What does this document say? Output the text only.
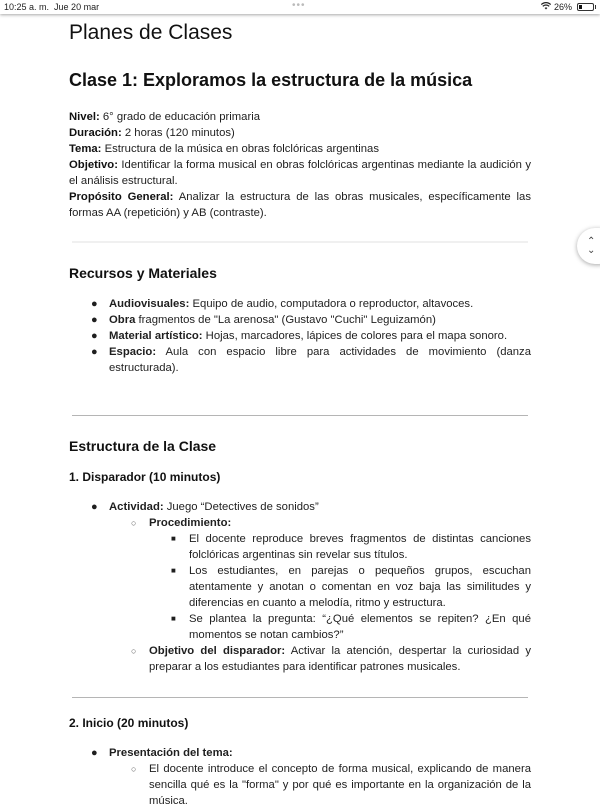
10:25 a. m. Jue 20 mar	•••	26%
Planes de Clases
Clase 1: Exploramos la estructura de la música

Nivel: 6° grado de educación primaria

Duración: 2 horas (120 minutos)

Tema: Estructura de la música en obras folclóricas argentinas

Objetivo: Identificar la forma musical en obras folclóricas argentinas mediante la audición y el análisis estructural.

Propósito General: Analizar la estructura de las obras musicales, específicamente las formas AA (repetición) y AB (contraste).

⌃
⌄
Recursos y Materiales
● Audiovisuales: Equipo de audio, computadora o reproductor, altavoces.
● Obra fragmentos de "La arenosa" (Gustavo "Cuchi" Leguizamón)
● Material artístico: Hojas, marcadores, lápices de colores para el mapa sonoro.
● Espacio: Aula con espacio libre para actividades de movimiento (danza estructurada).
Estructura de la Clase
1. Disparador (10 minutos)
● Actividad: Juego “Detectives de sonidos”
○ Procedimiento:
■ El docente reproduce breves fragmentos de distintas canciones folclóricas argentinas sin revelar sus títulos.
■ Los estudiantes, en parejas o pequeños grupos, escuchan atentamente y anotan o comentan en voz baja las similitudes y diferencias en cuanto a melodía, ritmo y estructura.
■ Se plantea la pregunta: “¿Qué elementos se repiten? ¿En qué momentos se notan cambios?”
○ Objetivo del disparador: Activar la atención, despertar la curiosidad y preparar a los estudiantes para identificar patrones musicales.
2. Inicio (20 minutos)
● Presentación del tema:
○ El docente introduce el concepto de forma musical, explicando de manera sencilla qué es la "forma" y por qué es importante en la organización de la música.
